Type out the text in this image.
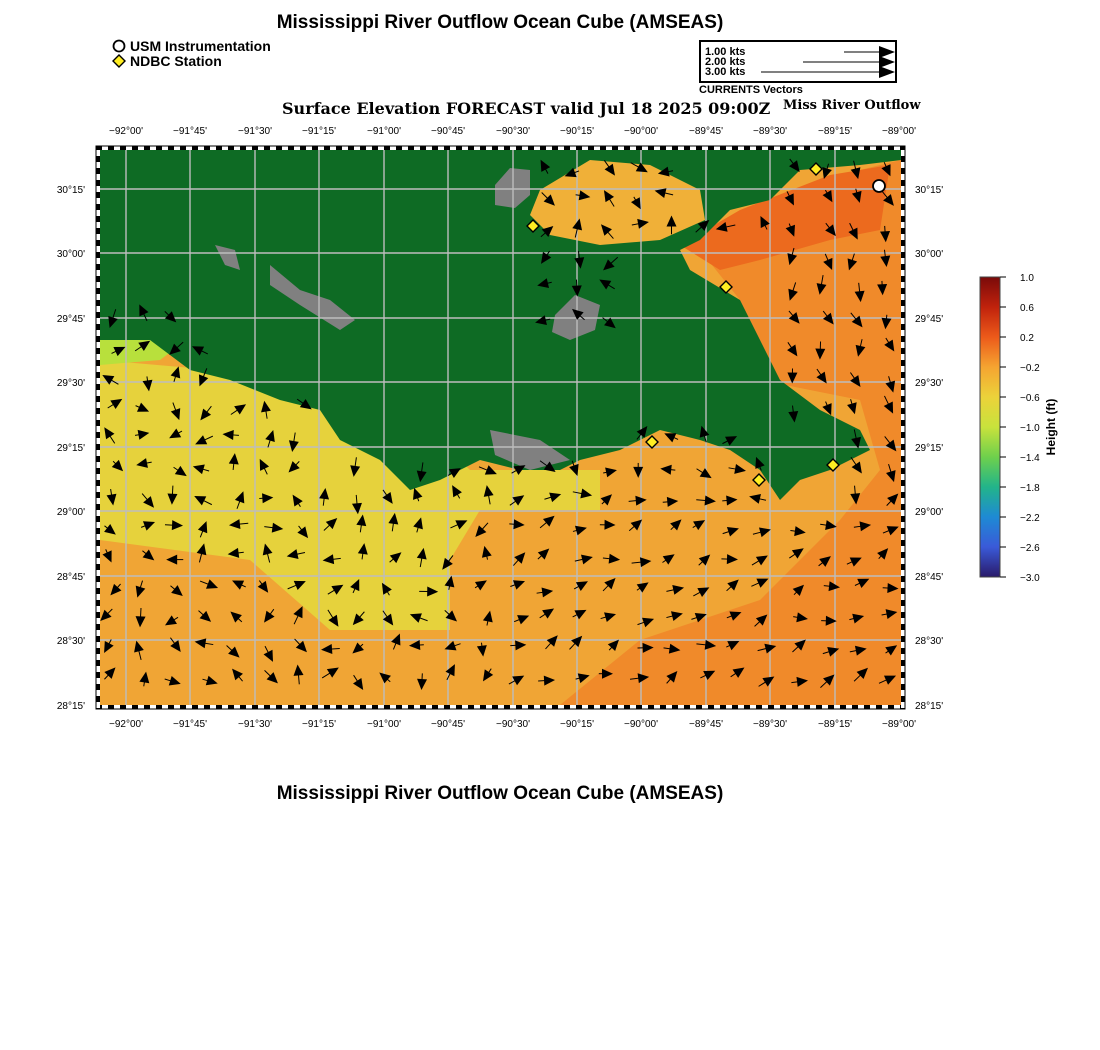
Mississippi River Outflow Ocean Cube (AMSEAS)
USM Instrumentation
NDBC Station
1.00 kts
2.00 kts
3.00 kts
CURRENTS Vectors
Surface Elevation FORECAST valid Jul 18 2025 09:00Z Miss River Outflow
−92°00'	−91°45'	−91°30'	−91°15'	−91°00'	−90°45'	−90°30'	−90°15'	−90°00'	−89°45'	−89°30'	−89°15'	−89°00'
−92°00'	−91°45'	−91°30'	−91°15'	−91°00'	−90°45'	−90°30'	−90°15'	−90°00'	−89°45'	−89°30'	−89°15'	−89°00'
30°15'
30°00'
29°45'
29°30'
29°15'
29°00'
28°45'
28°30'
28°15'
30°15'
30°00'
29°45'
29°30'
29°15'
29°00'
28°45'
28°30'
28°15'
1.0
0.6
0.2
−0.2
−0.6
−1.0
−1.4
−1.8
−2.2
−2.6
−3.0
Height (ft)
Mississippi River Outflow Ocean Cube (AMSEAS)
